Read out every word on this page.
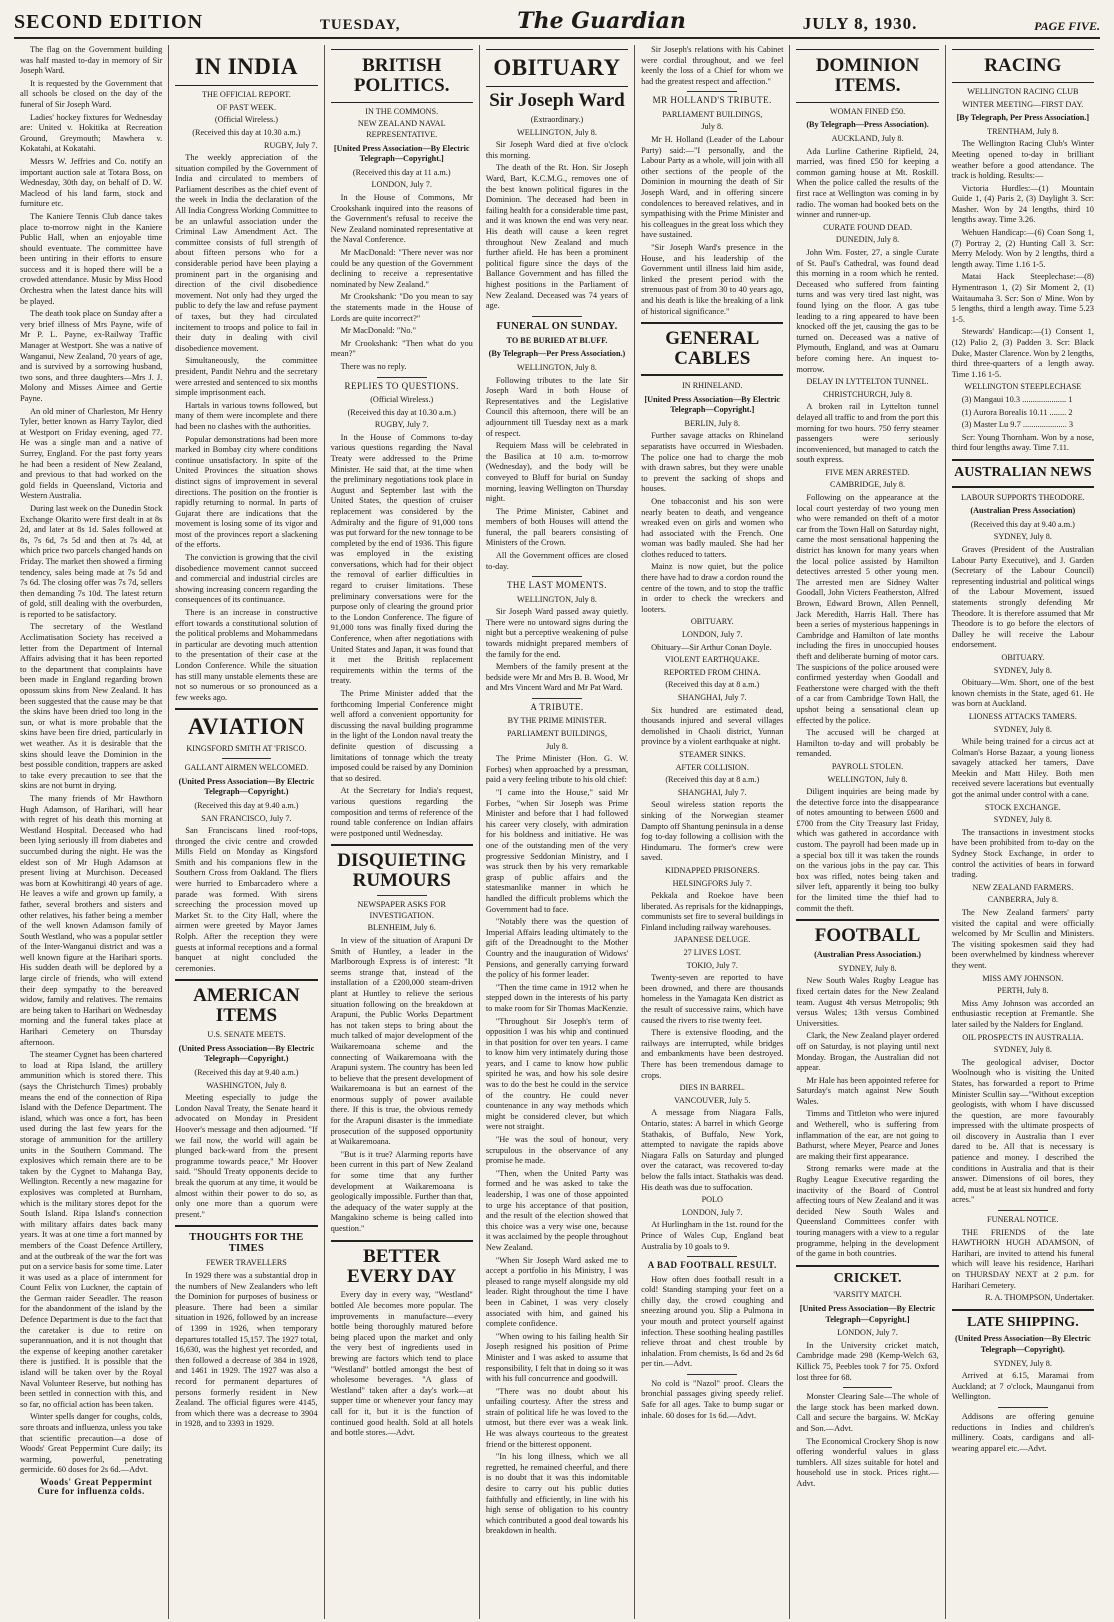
SECOND EDITION	TUESDAY,	The Guardian	JULY 8, 1930.	PAGE FIVE.

The flag on the Government building was half masted to-day in memory of Sir Joseph Ward.

It is requested by the Government that all schools be closed on the day of the funeral of Sir Joseph Ward.

Ladies' hockey fixtures for Wednesday are: United v. Hokitika at Recreation Ground, Greymouth; Mawhera v. Kokatahi, at Kokatahi.

Messrs W. Jeffries and Co. notify an important auction sale at Totara Boss, on Wednesday, 30th day, on behalf of D. W. Macleod of his land farm, stock and furniture etc.

The Kaniere Tennis Club dance takes place to-morrow night in the Kaniere Public Hall, when an enjoyable time should eventuate. The committee have been untiring in their efforts to ensure success and it is hoped there will be a crowded attendance. Music by Miss Hood Orchestra when the latest dance hits will be played.

The death took place on Sunday after a very brief illness of Mrs Payne, wife of Mr P. L. Payne, ex-Railway Traffic Manager at Westport. She was a native of Wanganui, New Zealand, 70 years of age, and is survived by a sorrowing husband, two sons, and three daughters—Mrs J. J. Molony and Misses Aimee and Gertie Payne.

An old miner of Charleston, Mr Henry Tyler, better known as Harry Taylor, died at Westport on Friday evening, aged 77. He was a single man and a native of Surrey, England. For the past forty years he had been a resident of New Zealand, and previous to that had worked on the gold fields in Queensland, Victoria and Western Australia.

During last week on the Dunedin Stock Exchange Okarito were first dealt in at 8s 2d, and later at 8s 1d. Sales followed at 8s, 7s 6d, 7s 5d and then at 7s 4d, at which price two parcels changed hands on Friday. The market then showed a firming tendency, sales being made at 7s 5d and 7s 6d. The closing offer was 7s 7d, sellers then demanding 7s 10d. The latest return of gold, still dealing with the overburden, is reported to be satisfactory.

The secretary of the Westland Acclimatisation Society has received a letter from the Department of Internal Affairs advising that it has been reported to the department that complaints have been made in England regarding brown opossum skins from New Zealand. It has been suggested that the cause may be that the skins have been dried too long in the sun, or what is more probable that the skins have been fire dried, particularly in wet weather. As it is desirable that the skins should leave the Dominion in the best possible condition, trappers are asked to take every precaution to see that the skins are not burnt in drying.

The many friends of Mr Hawthorn Hugh Adamson, of Harihari, will hear with regret of his death this morning at Westland Hospital. Deceased who had been lying seriously ill from diabetes and succumbed during the night. He was the eldest son of Mr Hugh Adamson at present living at Murchison. Deceased was born at Kowhitirangi 40 years of age. He leaves a wife and grown up family, a father, several brothers and sisters and other relatives, his father being a member of the well known Adamson family of South Westland, who was a popular settler of the Inter-Wanganui district and was a well known figure at the Harihari sports. His sudden death will be deplored by a large circle of friends, who will extend their deep sympathy to the bereaved widow, family and relatives. The remains are being taken to Harihari on Wednesday morning and the funeral takes place at Harihari Cemetery on Thursday afternoon.

The steamer Cygnet has been chartered to load at Ripa Island, the artillery ammunition which is stored there. This (says the Christchurch Times) probably means the end of the connection of Ripa Island with the Defence Department. The island, which was once a fort, has been used during the last few years for the storage of ammunition for the artillery units in the Southern Command. The explosives which remain there are to be taken by the Cygnet to Mahanga Bay, Wellington. Recently a new magazine for explosives was completed at Burnham, which is the military stores depot for the South Island. Ripa Island's connection with military affairs dates back many years. It was at one time a fort manned by members of the Coast Defence Artillery, and at the outbreak of the war the fort was put on a service basis for some time. Later it was used as a place of internment for Count Felix von Luckner, the captain of the German raider Seeadler. The reason for the abandonment of the island by the Defence Department is due to the fact that the caretaker is due to retire on superannuation, and it is not thought that the expense of keeping another caretaker there is justified. It is possible that the island will be taken over by the Royal Naval Volunteer Reserve, but nothing has been settled in connection with this, and so far, no official action has been taken.

Winter spells danger for coughs, colds, sore throats and influenza, unless you take that scientific precaution—a dose of Woods' Great Peppermint Cure daily; its warming, powerful, penetrating germicide. 60 doses for 2s 6d.—Advt.

Woods' Great Peppermint Cure for influenza colds.

IN INDIA
THE OFFICIAL REPORT.
OF PAST WEEK.
(Official Wireless.)
(Received this day at 10.30 a.m.)
RUGBY, July 7.

The weekly appreciation of the situation compiled by the Government of India and circulated to members of Parliament describes as the chief event of the week in India the declaration of the All India Congress Working Committee to be an unlawful association under the Criminal Law Amendment Act. The committee consists of full strength of about fifteen persons who for a considerable period have been playing a prominent part in the organising and direction of the civil disobedience movement. Not only had they urged the public to defy the law and refuse payment of taxes, but they had circulated incitement to troops and police to fail in their duty in dealing with civil disobedience movement.

Simultaneously, the committee president, Pandit Nehru and the secretary were arrested and sentenced to six months simple imprisonment each.

Hartals in various towns followed, but many of them were incomplete and there had been no clashes with the authorities.

Popular demonstrations had been more marked in Bombay city where conditions continue unsatisfactory. In spite of the United Provinces the situation shows distinct signs of improvement in several directions. The position on the frontier is rapidly returning to normal. In parts of Gujarat there are indications that the movement is losing some of its vigor and most of the provinces report a slackening of the efforts.

The conviction is growing that the civil disobedience movement cannot succeed and commercial and industrial circles are showing increasing concern regarding the consequences of its continuance.

There is an increase in constructive effort towards a constitutional solution of the political problems and Mohammedans in particular are devoting much attention to the presentation of their case at the London Conference. While the situation has still many unstable elements these are not so numerous or so pronounced as a few weeks ago.

AVIATION
KINGSFORD SMITH AT 'FRISCO.
GALLANT AIRMEN WELCOMED.
(United Press Association—By Electric Telegraph—Copyright.)
(Received this day at 9.40 a.m.)
SAN FRANCISCO, July 7.

San Franciscans lined roof-tops, thronged the civic centre and crowded Mills Field on Monday as Kingsford Smith and his companions flew in the Southern Cross from Oakland. The fliers were hurried to Embarcadero where a parade was formed. With sirens screeching the procession moved up Market St. to the City Hall, where the airmen were greeted by Mayor James Rolph. After the reception they were guests at informal receptions and a formal banquet at night concluded the ceremonies.

AMERICAN ITEMS
U.S. SENATE MEETS.
(United Press Association—By Electric Telegraph—Copyright.)
(Received this day at 9.40 a.m.)
WASHINGTON, July 8.

Meeting especially to judge the London Naval Treaty, the Senate heard it advocated on Monday in President Hoover's message and then adjourned. "If we fail now, the world will again be plunged back-ward from the present programme towards peace," Mr Hoover said. "Should Treaty opponents decide to break the quorum at any time, it would be almost within their power to do so, as only one more than a quorum were present."

THOUGHTS FOR THE TIMES
FEWER TRAVELLERS

In 1929 there was a substantial drop in the numbers of New Zealanders who left the Dominion for purposes of business or pleasure. There had been a similar situation in 1926, followed by an increase of 1399 in 1926, when temporary departures totalled 15,157. The 1927 total, 16,630, was the highest yet recorded, and then followed a decrease of 384 in 1928, and 1461 in 1929. The 1927 was also a record for permanent departures of persons formerly resident in New Zealand. The official figures were 4145, from which there was a decrease to 3904 in 1928, and to 3393 in 1929.

BRITISH POLITICS.
IN THE COMMONS.
NEW ZEALAND NAVAL REPRESENTATIVE.
[United Press Association—By Electric Telegraph—Copyright.]
(Received this day at 11 a.m.)
LONDON, July 7.

In the House of Commons, Mr Crookshank inquired into the reasons of the Government's refusal to receive the New Zealand nominated representative at the Naval Conference.

Mr MacDonald: "There never was nor could be any question of the Government declining to receive a representative nominated by New Zealand."

Mr Crookshank: "Do you mean to say the statements made in the House of Lords are quite incorrect?"

Mr MacDonald: "No."

Mr Crookshank: "Then what do you mean?"

There was no reply.

REPLIES TO QUESTIONS.
(Official Wireless.)
(Received this day at 10.30 a.m.)
RUGBY, July 7.

In the House of Commons to-day various questions regarding the Naval Treaty were addressed to the Prime Minister. He said that, at the time when the preliminary negotiations took place in August and September last with the United States, the question of cruiser replacement was considered by the Admiralty and the figure of 91,000 tons was put forward for the new tonnage to be completed by the end of 1936. This figure was employed in the existing conversations, which had for their object the removal of earlier difficulties in regard to cruiser limitations. These preliminary conversations were for the purpose only of clearing the ground prior to the London Conference. The figure of 91,000 tons was finally fixed during the Conference, when after negotiations with United States and Japan, it was found that it met the British replacement requirements within the terms of the treaty.

The Prime Minister added that the forthcoming Imperial Conference might well afford a convenient opportunity for discussing the naval building programme in the light of the London naval treaty the definite question of discussing a limitations of tonnage which the treaty imposed could be raised by any Dominion that so desired.

At the Secretary for India's request, various questions regarding the composition and terms of reference of the round table conference on Indian affairs were postponed until Wednesday.

DISQUIETING RUMOURS
NEWSPAPER ASKS FOR INVESTIGATION.
BLENHEIM, July 6.

In view of the situation of Arapuni Dr Smith of Huntley, a leader in the Marlborough Express is of interest: "It seems strange that, instead of the installation of a £200,000 steam-driven plant at Huntley to relieve the serious situation following on the breakdown at Arapuni, the Public Works Department has not taken steps to bring about the much talked of major development of the Waikaremoana scheme and the connecting of Waikaremoana with the Arapuni system. The country has been led to believe that the present development of Waikaremoana is but an earnest of the enormous supply of power available there. If this is true, the obvious remedy for the Arapuni disaster is the immediate prosecution of the supposed opportunity at Waikaremoana.

"But is it true? Alarming reports have been current in this part of New Zealand for some time that any further development at Waikaremoana is geologically impossible. Further than that, the adequacy of the water supply at the Mangakino scheme is being called into question."

BETTER EVERY DAY

Every day in every way, "Westland" bottled Ale becomes more popular. The improvements in manufacture—every bottle being thoroughly matured before being placed upon the market and only the very best of ingredients used in brewing are factors which tend to place "Westland" bottled amongst the best of wholesome beverages. "A glass of Westland" taken after a day's work—at supper time or whenever your fancy may call for it, but it is the function of continued good health. Sold at all hotels and bottle stores.—Advt.

OBITUARY
Sir Joseph Ward
(Extraordinary.)
WELLINGTON, July 8.

Sir Joseph Ward died at five o'clock this morning.

The death of the Rt. Hon. Sir Joseph Ward, Bart, K.C.M.G., removes one of the best known political figures in the Dominion. The deceased had been in failing health for a considerable time past, and it was known the end was very near. His death will cause a keen regret throughout New Zealand and much further afield. He has been a prominent political figure since the days of the Ballance Government and has filled the highest positions in the Parliament of New Zealand. Deceased was 74 years of age.

FUNERAL ON SUNDAY.
TO BE BURIED AT BLUFF.
(By Telegraph—Per Press Association.)
WELLINGTON, July 8.

Following tributes to the late Sir Joseph Ward in both House of Representatives and the Legislative Council this afternoon, there will be an adjournment till Tuesday next as a mark of respect.

Requiem Mass will be celebrated in the Basilica at 10 a.m. to-morrow (Wednesday), and the body will be conveyed to Bluff for burial on Sunday morning, leaving Wellington on Thursday night.

The Prime Minister, Cabinet and members of both Houses will attend the funeral, the pall bearers consisting of Ministers of the Crown.

All the Government offices are closed to-day.

THE LAST MOMENTS.
WELLINGTON, July 8.

Sir Joseph Ward passed away quietly. There were no untoward signs during the night but a perceptive weakening of pulse towards midnight prepared members of the family for the end.

Members of the family present at the bedside were Mr and Mrs B. B. Wood, Mr and Mrs Vincent Ward and Mr Pat Ward.

A TRIBUTE.
BY THE PRIME MINISTER.
PARLIAMENT BUILDINGS,
July 8.

The Prime Minister (Hon. G. W. Forbes) when approached by a pressman, paid a very feeling tribute to his old chief:

"I came into the House," said Mr Forbes, "when Sir Joseph was Prime Minister and before that I had followed his career very closely, with admiration for his boldness and initiative. He was one of the outstanding men of the very progressive Seddonian Ministry, and I was struck then by his very remarkable grasp of public affairs and the statesmanlike manner in which he handled the difficult problems which the Government had to face.

"Notably there was the question of Imperial Affairs leading ultimately to the gift of the Dreadnought to the Mother Country and the inauguration of Widows' Pensions, and generally carrying forward the policy of his former leader.

"Then the time came in 1912 when he stepped down in the interests of his party to make room for Sir Thomas MacKenzie.

"Throughout Sir Joseph's term of opposition I was his whip and continued in that position for over ten years. I came to know him very intimately during those years, and I came to know how public spirited he was, and how his sole desire was to do the best he could in the service of the country. He could never countenance in any way methods which might be considered clever, but which were not straight.

"He was the soul of honour, very scrupulous in the observance of any promise he made.

"Then, when the United Party was formed and he was asked to take the leadership, I was one of those appointed to urge his acceptance of that position, and the result of the election showed that this choice was a very wise one, because it was acclaimed by the people throughout New Zealand.

"When Sir Joseph Ward asked me to accept a portfolio in his Ministry, I was pleased to range myself alongside my old leader. Right throughout the time I have been in Cabinet, I was very closely associated with him, and gained his complete confidence.

"When owing to his failing health Sir Joseph resigned his position of Prime Minister and I was asked to assume that responsibility, I felt that in doing so it was with his full concurrence and goodwill.

"There was no doubt about his unfailing courtesy. After the stress and strain of political life he was loved to the utmost, but there ever was a weak link. He was always courteous to the greatest friend or the bitterest opponent.

"In his long illness, which we all regretted, he remained cheerful, and there is no doubt that it was this indomitable desire to carry out his public duties faithfully and efficiently, in line with his high sense of obligation to his country which contributed a good deal towards his breakdown in health.

Sir Joseph's relations with his Cabinet were cordial throughout, and we feel keenly the loss of a Chief for whom we had the greatest respect and affection."

MR HOLLAND'S TRIBUTE.
PARLIAMENT BUILDINGS,
July 8.

Mr H. Holland (Leader of the Labour Party) said:—"I personally, and the Labour Party as a whole, will join with all other sections of the people of the Dominion in mourning the death of Sir Joseph Ward, and in offering sincere condolences to bereaved relatives, and in sympathising with the Prime Minister and his colleagues in the great loss which they have sustained.

"Sir Joseph Ward's presence in the House, and his leadership of the Government until illness laid him aside, linked the present period with the strenuous past of from 30 to 40 years ago, and his death is like the breaking of a link of historical significance."

GENERAL CABLES
IN RHINELAND.
[United Press Association—By Electric Telegraph—Copyright.]
BERLIN, July 8.

Further savage attacks on Rhineland separatists have occurred in Wiesbaden. The police one had to charge the mob with drawn sabres, but they were unable to prevent the sacking of shops and houses.

One tobacconist and his son were nearly beaten to death, and vengeance wreaked even on girls and women who had associated with the French. One woman was badly mauled. She had her clothes reduced to tatters.

Mainz is now quiet, but the police there have had to draw a cordon round the centre of the town, and to stop the traffic in order to check the wreckers and looters.

OBITUARY.
LONDON, July 7.

Obituary—Sir Arthur Conan Doyle.

VIOLENT EARTHQUAKE.
REPORTED FROM CHINA.
(Received this day at 8 a.m.)
SHANGHAI, July 7.

Six hundred are estimated dead, thousands injured and several villages demolished in Chaoli district, Yunnan province by a violent earthquake at night.

STEAMER SINKS.
AFTER COLLISION.
(Received this day at 8 a.m.)
SHANGHAI, July 7.

Seoul wireless station reports the sinking of the Norwegian steamer Dampto off Shantung peninsula in a dense fog to-day following a collision with the Hindumaru. The former's crew were saved.

KIDNAPPED PRISONERS.
HELSINGFORS July 7.

Pekkala and Roekoe have been liberated. As reprisals for the kidnappings, communists set fire to several buildings in Finland including railway warehouses.

JAPANESE DELUGE.
27 LIVES LOST.
TOKIO, July 7.

Twenty-seven are reported to have been drowned, and there are thousands homeless in the Yamagata Ken district as the result of successive rains, which have caused the rivers to rise twenty feet.

There is extensive flooding, and the railways are interrupted, while bridges and embankments have been destroyed. There has been tremendous damage to crops.

DIES IN BARREL.
VANCOUVER, July 5.

A message from Niagara Falls, Ontario, states: A barrel in which George Stathakis, of Buffalo, New York, attempted to navigate the rapids above Niagara Falls on Saturday and plunged over the cataract, was recovered to-day below the falls intact. Stathakis was dead. His death was due to suffocation.

POLO
LONDON, July 7.

At Hurlingham in the 1st. round for the Prince of Wales Cup, England beat Australia by 10 goals to 9.

A BAD FOOTBALL RESULT.

How often does football result in a cold! Standing stamping your feet on a chilly day, the crowd coughing and sneezing around you. Slip a Pulmona in your mouth and protect yourself against infection. These soothing healing pastilles relieve throat and chest trouble by inhalation. From chemists, Is 6d and 2s 6d per tin.—Advt.

No cold is "Nazol" proof. Clears the bronchial passages giving speedy relief. Safe for all ages. Take to bump sugar or inhale. 60 doses for 1s 6d.—Advt.

DOMINION ITEMS.
WOMAN FINED £50.
(By Telegraph—Press Association).
AUCKLAND, July 8.

Ada Lurline Catherine Ripfield, 24, married, was fined £50 for keeping a common gaming house at Mt. Roskill. When the police called the results of the first race at Wellington was coming in by radio. The woman had booked bets on the winner and runner-up.

CURATE FOUND DEAD.
DUNEDIN, July 8.

John Wm. Foster, 27, a single Curate of St. Paul's Cathedral, was found dead this morning in a room which he rented. Deceased who suffered from fainting turns and was very tired last night, was found lying on the floor. A gas tube leading to a ring appeared to have been knocked off the jet, causing the gas to be turned on. Deceased was a native of Plymouth, England, and was at Oamaru before coming here. An inquest to-morrow.

DELAY IN LYTTELTON TUNNEL.
CHRISTCHURCH, July 8.

A broken rail in Lyttelton tunnel delayed all traffic to and from the port this morning for two hours. 750 ferry steamer passengers were seriously inconvenienced, but managed to catch the south express.

FIVE MEN ARRESTED.
CAMBRIDGE, July 8.

Following on the appearance at the local court yesterday of two young men who were remanded on theft of a motor car from the Town Hall on Saturday night, came the most sensational happening the district has known for many years when the local police assisted by Hamilton detectives arrested 5 other young men. The arrested men are Sidney Walter Goodall, John Victers Featherston, Alfred Brown, Edward Brown, Allen Pennell, Jack Meredith, Harris Hall. There has been a series of mysterious happenings in Cambridge and Hamilton of late months including the fires in unoccupied houses theft and deliberate burning of motor cars. The suspicions of the police aroused were confirmed yesterday when Goodall and Featherstone were charged with the theft of a car from Cambridge Town Hall, the upshot being a sensational clean up effected by the police.

The accused will be charged at Hamilton to-day and will probably be remanded.

PAYROLL STOLEN.
WELLINGTON, July 8.

Diligent inquiries are being made by the detective force into the disappearance of notes amounting to between £600 and £700 from the City Treasury last Friday, which was gathered in accordance with custom. The payroll had been made up in a special box till it was taken the rounds on the various jobs in the pay car. This box was rifled, notes being taken and silver left, apparently it being too bulky for the limited time the thief had to commit the theft.

FOOTBALL
(Australian Press Association.)
SYDNEY, July 8.

New South Wales Rugby League has fixed certain dates for the New Zealand team. August 4th versus Metropolis; 9th versus Wales; 13th versus Combined Universities.

Clark, the New Zealand player ordered off on Saturday, is not playing until next Monday. Brogan, the Australian did not appear.

Mr Hale has been appointed referee for Saturday's match against New South Wales.

Timms and Tittleton who were injured and Wetherell, who is suffering from inflammation of the ear, are not going to Bathurst, where Meyer, Pearce and Jones are making their first appearance.

Strong remarks were made at the Rugby League Executive regarding the inactivity of the Board of Control affecting tours of New Zealand and it was decided New South Wales and Queensland Committees confer with touring managers with a view to a regular programme, helping in the development of the game in both countries.

CRICKET.
'VARSITY MATCH.
[United Press Association—By Electric Telegraph—Copyright.]
LONDON, July 7.

In the University cricket match, Cambridge made 298 (Kemp-Welch 63, Killick 75, Peebles took 7 for 75. Oxford lost three for 68.

Monster Clearing Sale—The whole of the large stock has been marked down. Call and secure the bargains. W. McKay and Son.—Advt.

The Economical Crockery Shop is now offering wonderful values in glass tumblers. All sizes suitable for hotel and household use in stock. Prices right.—Advt.

RACING
WELLINGTON RACING CLUB
WINTER MEETING—FIRST DAY.
[By Telegraph, Per Press Association.]
TRENTHAM, July 8.

The Wellington Racing Club's Winter Meeting opened to-day in brilliant weather before a good attendance. The track is holding. Results:—

Victoria Hurdles:—(1) Mountain Guide 1, (4) Paris 2, (3) Daylight 3. Scr: Masher. Won by 24 lengths, third 10 lengths away. Time 3.26.

Wehuen Handicap:—(6) Coan Song 1, (7) Portray 2, (2) Hunting Call 3. Scr: Merry Melody. Won by 2 lengths, third a length away. Time 1.16 1-5.

Matai Hack Steeplechase:—(8) Hymentrason 1, (2) Sir Moment 2, (1) Waitaumaha 3. Scr: Son o' Mine. Won by 5 lengths, third a length away. Time 5.23 1-5.

Stewards' Handicap:—(1) Consent 1, (12) Palio 2, (3) Padden 3. Scr: Black Duke, Master Clarence. Won by 2 lengths, third three-quarters of a length away. Time 1.16 1-5.

WELLINGTON STEEPLECHASE

(3) Mangaui 10.3 ..................... 1

(1) Aurora Borealis 10.11 ........ 2

(3) Master Lu 9.7 ..................... 3

Scr: Young Thornham. Won by a nose, third four lengths away. Time 7.11.

AUSTRALIAN NEWS
LABOUR SUPPORTS THEODORE.
(Australian Press Association)
(Received this day at 9.40 a.m.)
SYDNEY, July 8.

Graves (President of the Australian Labour Party Executive), and J. Garden (Secretary of the Labour Council) representing industrial and political wings of the Labour Movement, issued statements strongly defending Mr Theodore. It is therefore assumed that Mr Theodore is to go before the electors of Dalley he will receive the Labour endorsement.

OBITUARY.
SYDNEY, July 8.

Obituary—Wm. Short, one of the best known chemists in the State, aged 61. He was born at Auckland.

LIONESS ATTACKS TAMERS.
SYDNEY, July 8.

While being trained for a circus act at Colman's Horse Bazaar, a young lioness savagely attacked her tamers, Dave Meekin and Matt Hiley. Both men received severe lacerations but eventually got the animal under control with a cane.

STOCK EXCHANGE.
SYDNEY, July 8.

The transactions in investment stocks have been prohibited from to-day on the Sydney Stock Exchange, in order to control the activities of bears in forward trading.

NEW ZEALAND FARMERS.
CANBERRA, July 8.

The New Zealand farmers' party visited the capital and were officially welcomed by Mr Scullin and Ministers. The visiting spokesmen said they had been overwhelmed by kindness wherever they went.

MISS AMY JOHNSON.
PERTH, July 8.

Miss Amy Johnson was accorded an enthusiastic reception at Fremantle. She later sailed by the Nalders for England.

OIL PROSPECTS IN AUSTRALIA.
SYDNEY, July 8.

The geological adviser, Doctor Woolnough who is visiting the United States, has forwarded a report to Prime Minister Scullin say—"Without exception geologists, with whom I have discussed the question, are more favourably impressed with the ultimate prospects of oil discovery in Australia than I ever dared to be. All that is necessary is patience and money. I described the conditions in Australia and that is their answer. Dimensions of oil bores, they add, must be at least six hundred and forty acres."

FUNERAL NOTICE.

THE FRIENDS of the late HAWTHORN HUGH ADAMSON, of Harihari, are invited to attend his funeral which will leave his residence, Harihari on THURSDAY NEXT at 2 p.m. for Harihari Cemetery.

R. A. THOMPSON, Undertaker.

LATE SHIPPING.
(United Press Association—By Electric Telegraph—Copyright).
SYDNEY, July 8.

Arrived at 6.15, Maramai from Auckland; at 7 o'clock, Maunganui from Wellington.

Addisons are offering genuine reductions in Indies and children's millinery. Coats, cardigans and all-wearing apparel etc.—Advt.
